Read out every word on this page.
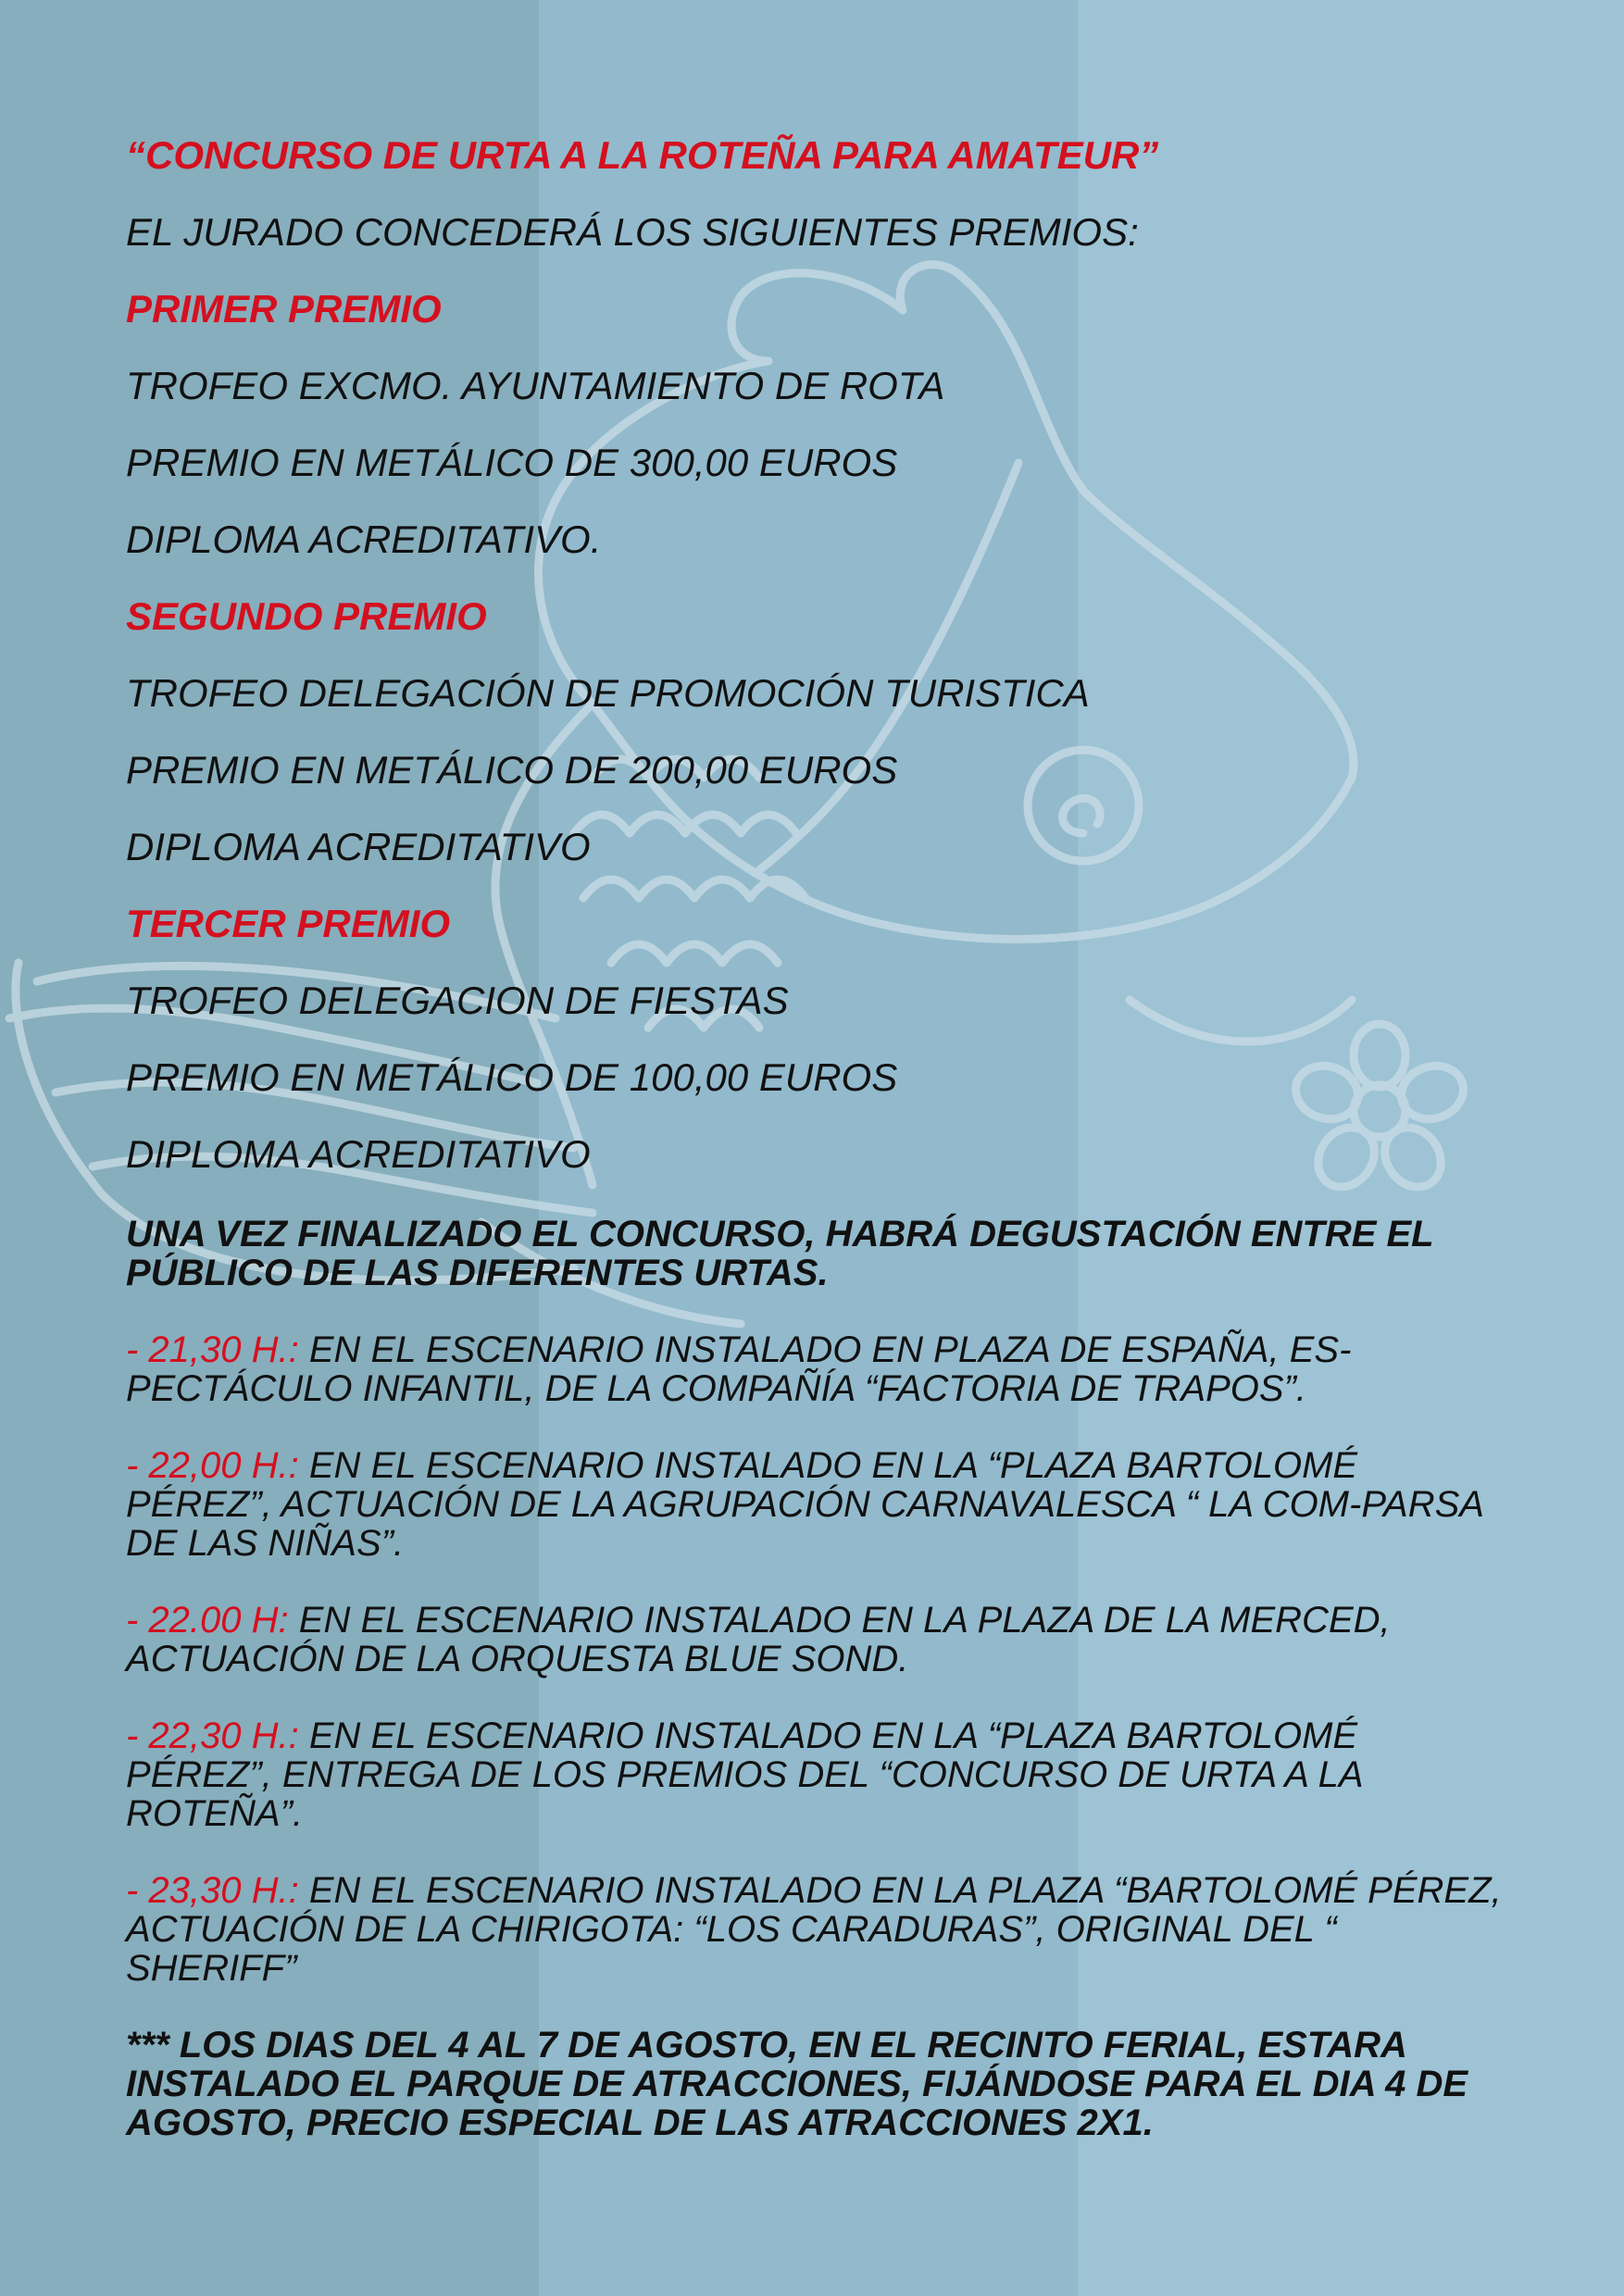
“CONCURSO DE URTA A LA ROTEÑA PARA AMATEUR”

EL JURADO CONCEDERÁ LOS SIGUIENTES PREMIOS:

PRIMER PREMIO

TROFEO EXCMO. AYUNTAMIENTO DE ROTA

PREMIO EN METÁLICO DE 300,00 EUROS

DIPLOMA ACREDITATIVO.

SEGUNDO PREMIO

TROFEO DELEGACIÓN DE PROMOCIÓN TURISTICA

PREMIO EN METÁLICO DE 200,00 EUROS

DIPLOMA ACREDITATIVO

TERCER PREMIO

TROFEO DELEGACION DE FIESTAS

PREMIO EN METÁLICO DE 100,00 EUROS

DIPLOMA ACREDITATIVO

UNA VEZ FINALIZADO EL CONCURSO, HABRÁ DEGUSTACIÓN ENTRE EL PÚBLICO DE LAS DIFERENTES URTAS.

- 21,30 H.: EN EL ESCENARIO INSTALADO EN PLAZA DE ESPAÑA, ES-PECTÁCULO INFANTIL, DE LA COMPAÑÍA “FACTORIA DE TRAPOS”.

- 22,00 H.: EN EL ESCENARIO INSTALADO EN LA “PLAZA BARTOLOMÉ PÉREZ”, ACTUACIÓN DE LA AGRUPACIÓN CARNAVALESCA “ LA COM-PARSA DE LAS NIÑAS”.

- 22.00 H: EN EL ESCENARIO INSTALADO EN LA PLAZA DE LA MERCED, ACTUACIÓN DE LA ORQUESTA BLUE SOND.

- 22,30 H.: EN EL ESCENARIO INSTALADO EN LA “PLAZA BARTOLOMÉ PÉREZ”, ENTREGA DE LOS PREMIOS DEL “CONCURSO DE URTA A LA ROTEÑA”.

- 23,30 H.: EN EL ESCENARIO INSTALADO EN LA PLAZA “BARTOLOMÉ PÉREZ, ACTUACIÓN DE LA CHIRIGOTA: “LOS CARADURAS”, ORIGINAL DEL “ SHERIFF”

*** LOS DIAS DEL 4 AL 7 DE AGOSTO, EN EL RECINTO FERIAL, ESTARA INSTALADO EL PARQUE DE ATRACCIONES, FIJÁNDOSE PARA EL DIA 4 DE AGOSTO, PRECIO ESPECIAL DE LAS ATRACCIONES 2X1.
